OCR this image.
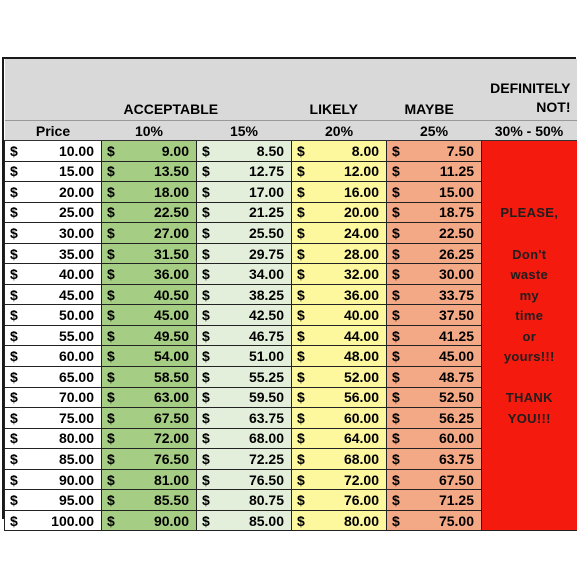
		ACCEPTABLE				LIKELY		MAYBE		DEFINITELY
NOT!
Price		10%		15%		20%		25%		30% - 50%
$	10.00	$	9.00	$	8.50	$	8.00	$	7.50	
$	15.00	$	13.50	$	12.75	$	12.00	$	11.25	
$	20.00	$	18.00	$	17.00	$	16.00	$	15.00	
$	25.00	$	22.50	$	21.25	$	20.00	$	18.75	PLEASE,
$	30.00	$	27.00	$	25.50	$	24.00	$	22.50	
$	35.00	$	31.50	$	29.75	$	28.00	$	26.25	Don't
$	40.00	$	36.00	$	34.00	$	32.00	$	30.00	waste
$	45.00	$	40.50	$	38.25	$	36.00	$	33.75	my
$	50.00	$	45.00	$	42.50	$	40.00	$	37.50	time
$	55.00	$	49.50	$	46.75	$	44.00	$	41.25	or
$	60.00	$	54.00	$	51.00	$	48.00	$	45.00	yours!!!
$	65.00	$	58.50	$	55.25	$	52.00	$	48.75	
$	70.00	$	63.00	$	59.50	$	56.00	$	52.50	THANK
$	75.00	$	67.50	$	63.75	$	60.00	$	56.25	YOU!!!
$	80.00	$	72.00	$	68.00	$	64.00	$	60.00	
$	85.00	$	76.50	$	72.25	$	68.00	$	63.75	
$	90.00	$	81.00	$	76.50	$	72.00	$	67.50	
$	95.00	$	85.50	$	80.75	$	76.00	$	71.25	
$	100.00	$	90.00	$	85.00	$	80.00	$	75.00	
